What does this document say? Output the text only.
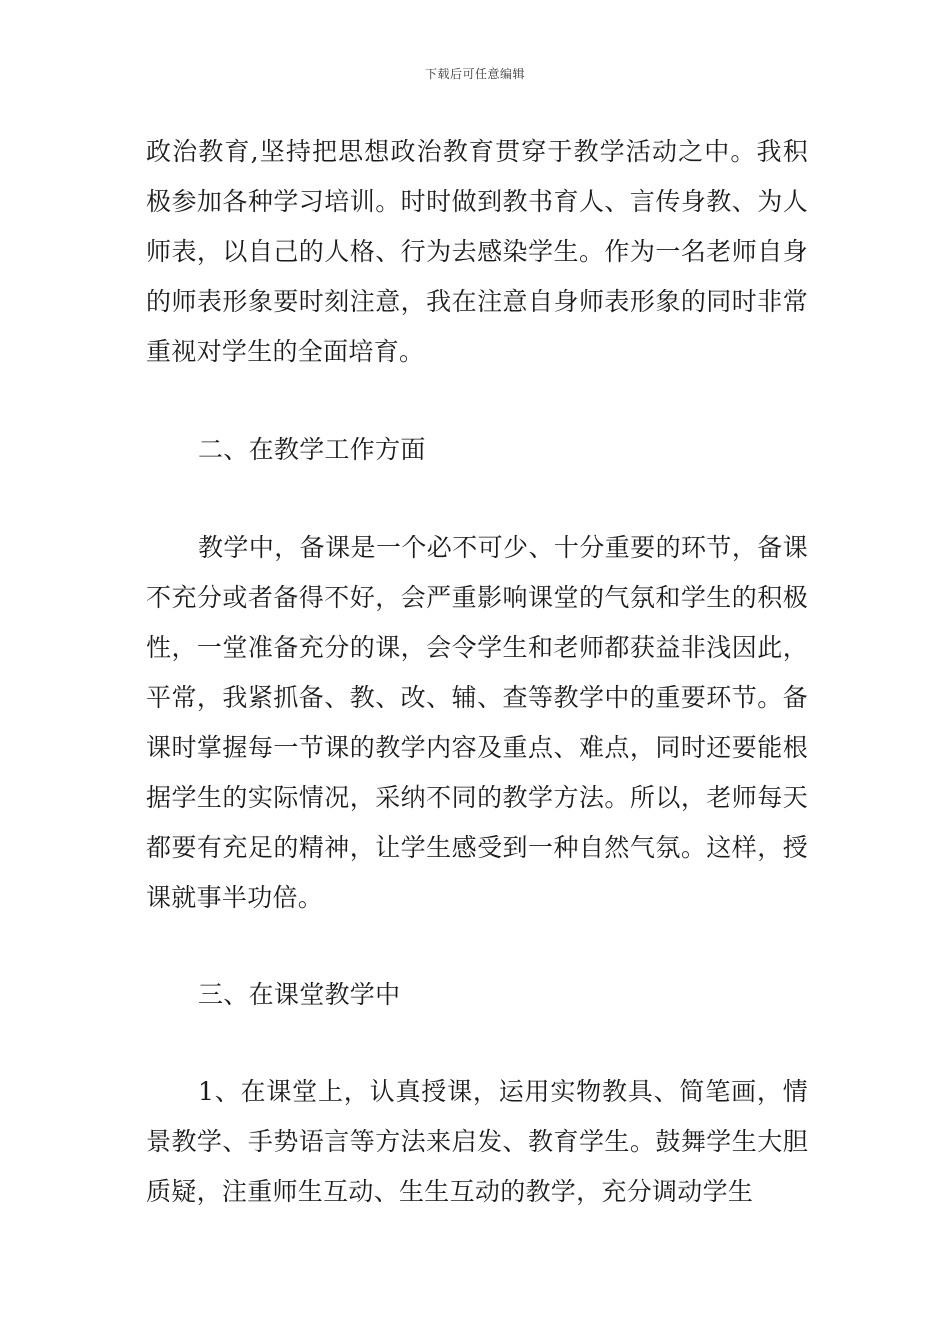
下载后可任意编辑

政治教育,坚持把思想政治教育贯穿于教学活动之中。我积极参加各种学习培训。时时做到教书育人、言传身教、为人师表，以自己的人格、行为去感染学生。作为一名老师自身的师表形象要时刻注意，我在注意自身师表形象的同时非常重视对学生的全面培育。

二、在教学工作方面

教学中，备课是一个必不可少、十分重要的环节，备课不充分或者备得不好，会严重影响课堂的气氛和学生的积极性，一堂准备充分的课，会令学生和老师都获益非浅因此，平常，我紧抓备、教、改、辅、查等教学中的重要环节。备课时掌握每一节课的教学内容及重点、难点，同时还要能根据学生的实际情况，采纳不同的教学方法。所以，老师每天都要有充足的精神，让学生感受到一种自然气氛。这样，授课就事半功倍。

三、在课堂教学中

1、在课堂上，认真授课，运用实物教具、简笔画，情景教学、手势语言等方法来启发、教育学生。鼓舞学生大胆质疑，注重师生互动、生生互动的教学，充分调动学生
